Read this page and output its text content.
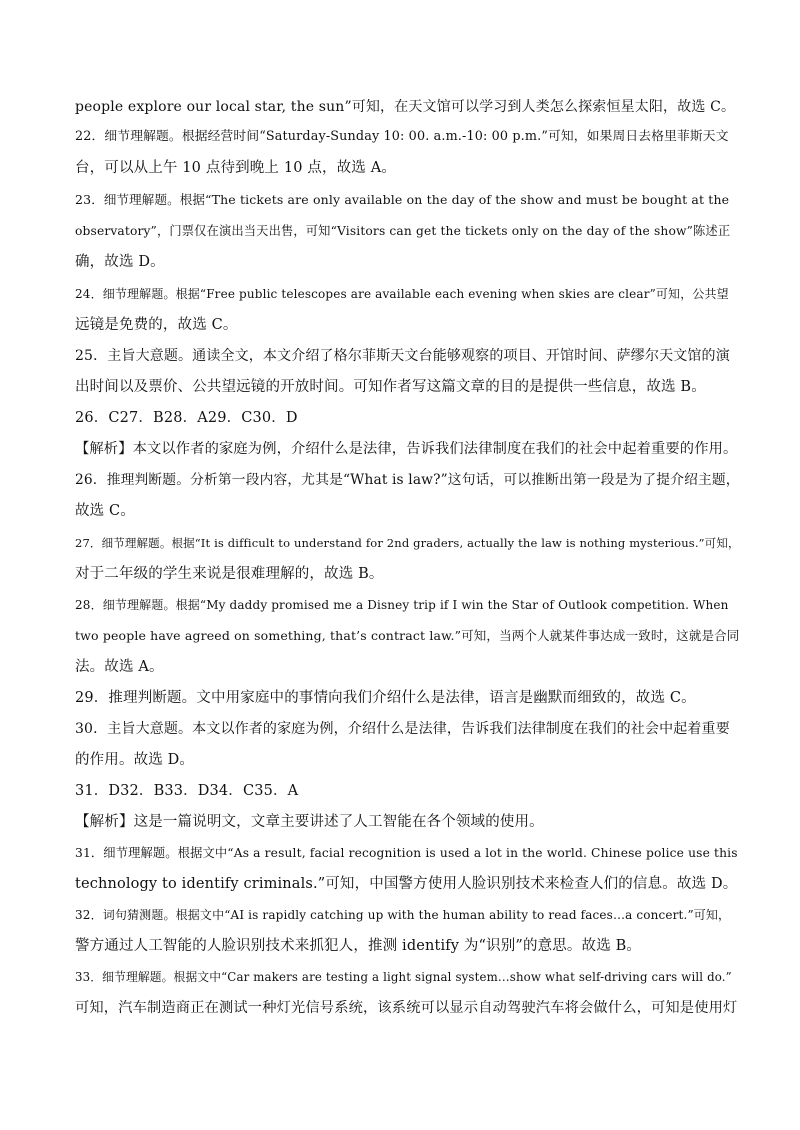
people explore our local star, the sun”可知，在天文馆可以学习到人类怎么探索恒星太阳，故选 C。
22．细节理解题。根据经营时间“Saturday-Sunday 10: 00. a.m.-10: 00 p.m.”可知，如果周日去格里菲斯天文
台，可以从上午 10 点待到晚上 10 点，故选 A。
23．细节理解题。根据“The tickets are only available on the day of the show and must be bought at the
observatory”，门票仅在演出当天出售，可知“Visitors can get the tickets only on the day of the show”陈述正
确，故选 D。
24．细节理解题。根据“Free public telescopes are available each evening when skies are clear”可知，公共望
远镜是免费的，故选 C。
25．主旨大意题。通读全文，本文介绍了格尔菲斯天文台能够观察的项目、开馆时间、萨缪尔天文馆的演
出时间以及票价、公共望远镜的开放时间。可知作者写这篇文章的目的是提供一些信息，故选 B。
26．C27．B28．A29．C30．D
【解析】本文以作者的家庭为例，介绍什么是法律，告诉我们法律制度在我们的社会中起着重要的作用。
26．推理判断题。分析第一段内容，尤其是“What is law?”这句话，可以推断出第一段是为了提介绍主题，
故选 C。
27．细节理解题。根据“It is difficult to understand for 2nd graders, actually the law is nothing mysterious.”可知，
对于二年级的学生来说是很难理解的，故选 B。
28．细节理解题。根据“My daddy promised me a Disney trip if I win the Star of Outlook competition. When
two people have agreed on something, that’s contract law.”可知，当两个人就某件事达成一致时，这就是合同
法。故选 A。
29．推理判断题。文中用家庭中的事情向我们介绍什么是法律，语言是幽默而细致的，故选 C。
30．主旨大意题。本文以作者的家庭为例，介绍什么是法律，告诉我们法律制度在我们的社会中起着重要
的作用。故选 D。
31．D32．B33．D34．C35．A
【解析】这是一篇说明文，文章主要讲述了人工智能在各个领域的使用。
31．细节理解题。根据文中“As a result, facial recognition is used a lot in the world. Chinese police use this
technology to identify criminals.”可知，中国警方使用人脸识别技术来检查人们的信息。故选 D。
32．词句猜测题。根据文中“AI is rapidly catching up with the human ability to read faces…a concert.”可知，
警方通过人工智能的人脸识别技术来抓犯人，推测 identify 为“识别”的意思。故选 B。
33．细节理解题。根据文中“Car makers are testing a light signal system…show what self-driving cars will do.”
可知，汽车制造商正在测试一种灯光信号系统，该系统可以显示自动驾驶汽车将会做什么，可知是使用灯
